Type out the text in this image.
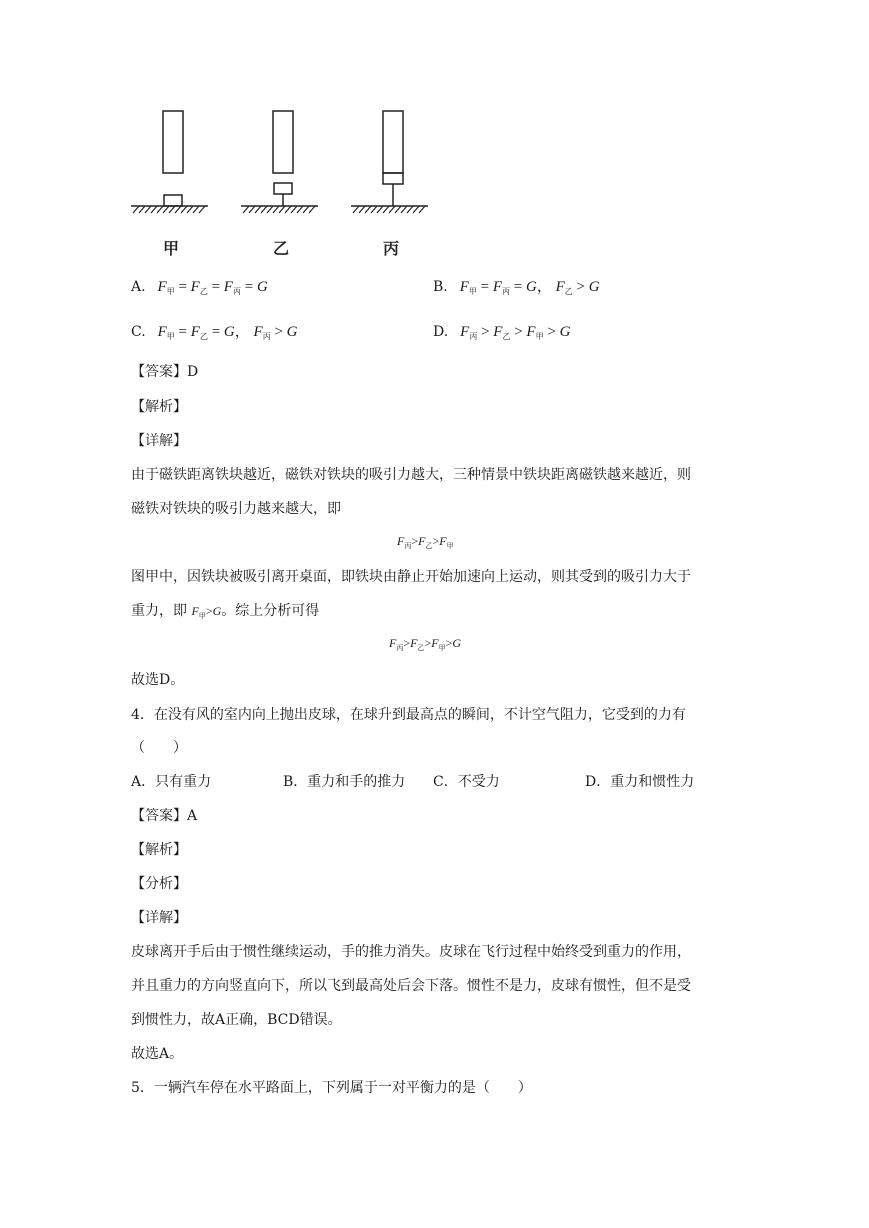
甲	乙	丙
A.   $F_甲 = F_乙 = F_丙 = G$	B.   $F_甲 = F_丙 = G$， $F_乙 > G$
C.   $F_甲 = F_乙 = G$， $F_丙 > G$	D.   $F_丙 > F_乙 > F_甲 > G$
【答案】D
【解析】
【详解】
由于磁铁距离铁块越近，磁铁对铁块的吸引力越大，三种情景中铁块距离磁铁越来越近，则
磁铁对铁块的吸引力越来越大，即
$F_丙>F_乙>F_甲$
图甲中，因铁块被吸引离开桌面，即铁块由静止开始加速向上运动，则其受到的吸引力大于
重力，即 $F_甲>G$。综上分析可得
$F_丙>F_乙>F_甲>G$
故选D。
4．在没有风的室内向上抛出皮球，在球升到最高点的瞬间，不计空气阻力，它受到的力有
（　　）
A．只有重力	B．重力和手的推力 C．不受力	D．重力和惯性力
【答案】A
【解析】
【分析】
【详解】
皮球离开手后由于惯性继续运动，手的推力消失。皮球在飞行过程中始终受到重力的作用，
并且重力的方向竖直向下，所以飞到最高处后会下落。惯性不是力，皮球有惯性，但不是受
到惯性力，故A正确，BCD错误。
故选A。
5．一辆汽车停在水平路面上，下列属于一对平衡力的是（　　）
